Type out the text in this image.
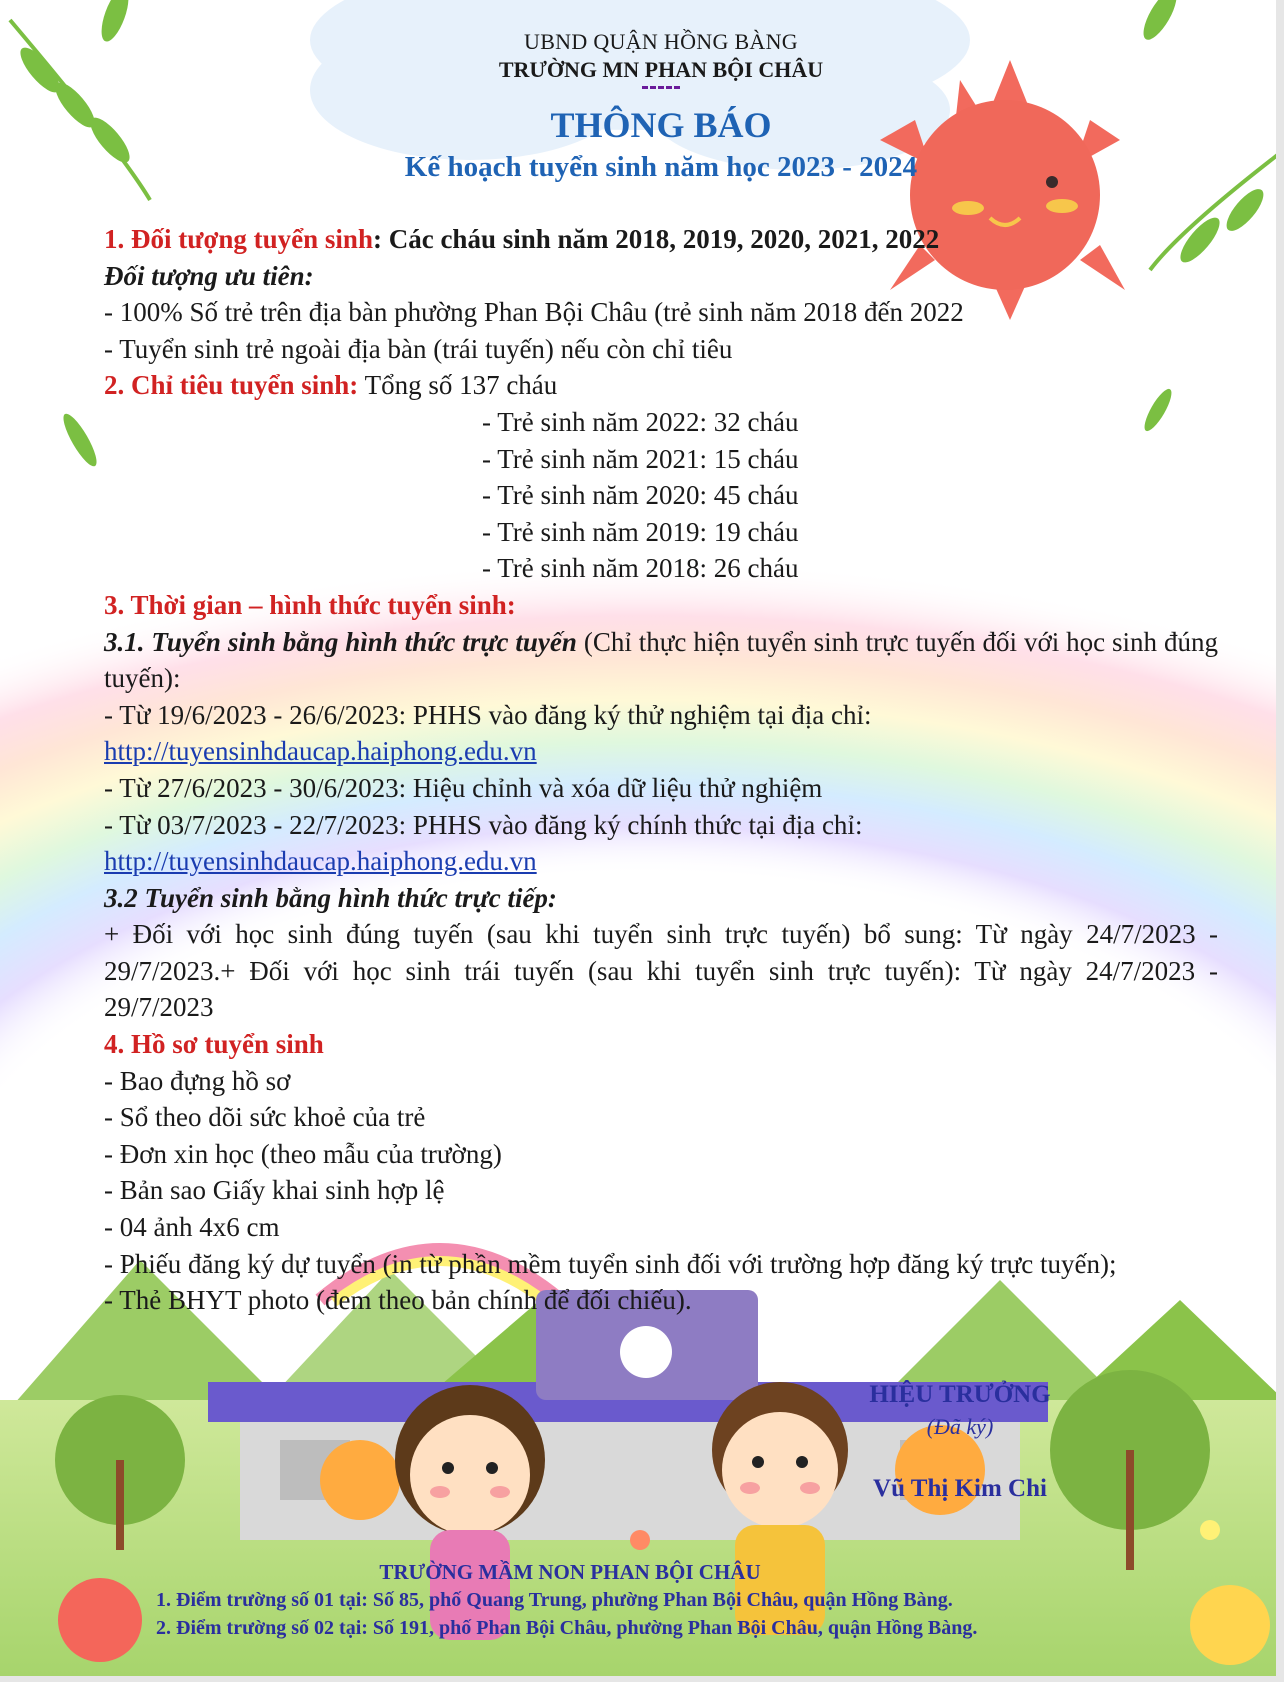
UBND QUẬN HỒNG BÀNG
TRƯỜNG MN PHAN BỘI CHÂU
THÔNG BÁO
Kế hoạch tuyển sinh năm học 2023 - 2024
1. Đối tượng tuyển sinh: Các cháu sinh năm 2018, 2019, 2020, 2021, 2022
Đối tượng ưu tiên:
- 100% Số trẻ trên địa bàn phường Phan Bội Châu (trẻ sinh năm 2018 đến 2022
- Tuyển sinh trẻ ngoài địa bàn (trái tuyến) nếu còn chỉ tiêu
2. Chỉ tiêu tuyển sinh: Tổng số 137 cháu
- Trẻ sinh năm 2022: 32 cháu
- Trẻ sinh năm 2021: 15 cháu
- Trẻ sinh năm 2020: 45 cháu
- Trẻ sinh năm 2019: 19 cháu
- Trẻ sinh năm 2018: 26 cháu
3. Thời gian – hình thức tuyển sinh:
3.1. Tuyển sinh bằng hình thức trực tuyến (Chỉ thực hiện tuyển sinh trực tuyến đối với học sinh đúng tuyến):
- Từ 19/6/2023 - 26/6/2023: PHHS vào đăng ký thử nghiệm tại địa chỉ:
http://tuyensinhdaucap.haiphong.edu.vn
- Từ 27/6/2023 - 30/6/2023: Hiệu chỉnh và xóa dữ liệu thử nghiệm
- Từ 03/7/2023 - 22/7/2023: PHHS vào đăng ký chính thức tại địa chỉ:
http://tuyensinhdaucap.haiphong.edu.vn
3.2 Tuyển sinh bằng hình thức trực tiếp:
+ Đối với học sinh đúng tuyến (sau khi tuyển sinh trực tuyến) bổ sung: Từ ngày 24/7/2023 - 29/7/2023.+ Đối với học sinh trái tuyến (sau khi tuyển sinh trực tuyến): Từ ngày 24/7/2023 - 29/7/2023
4. Hồ sơ tuyển sinh
- Bao đựng hồ sơ
- Sổ theo dõi sức khoẻ của trẻ
- Đơn xin học (theo mẫu của trường)
- Bản sao Giấy khai sinh hợp lệ
- 04 ảnh 4x6 cm
- Phiếu đăng ký dự tuyển (in từ phần mềm tuyển sinh đối với trường hợp đăng ký trực tuyến);
- Thẻ BHYT photo (đem theo bản chính để đối chiếu).
HIỆU TRƯỞNG
(Đã ký)
Vũ Thị Kim Chi
TRƯỜNG MẦM NON PHAN BỘI CHÂU
1. Điểm trường số 01 tại: Số 85, phố Quang Trung, phường Phan Bội Châu, quận Hồng Bàng.
2. Điểm trường số 02 tại: Số 191, phố Phan Bội Châu, phường Phan Bội Châu, quận Hồng Bàng.
